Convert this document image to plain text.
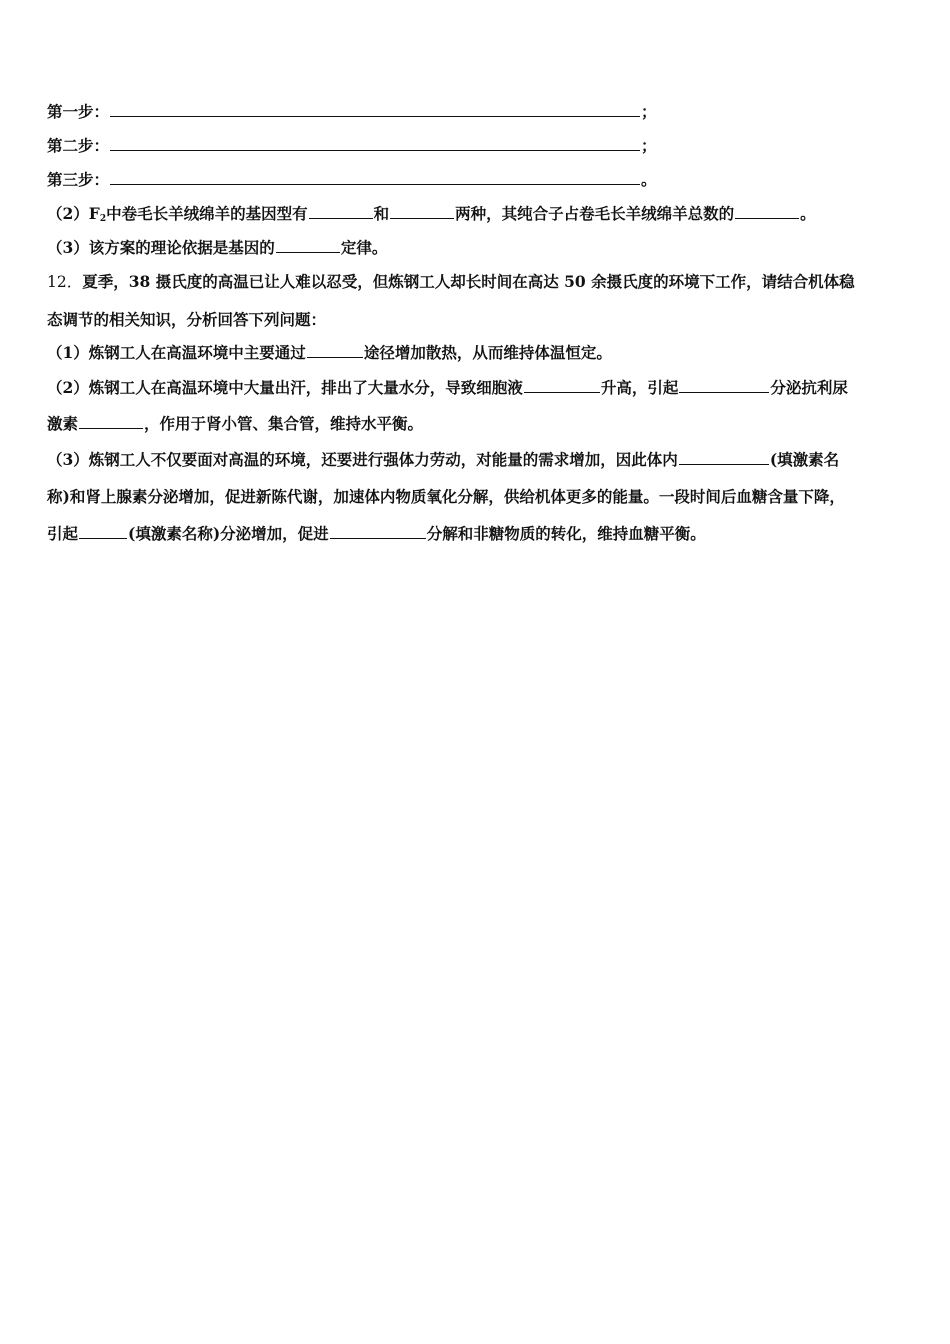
第一步：	；
第二步：	；
第三步：	。
$(2)F_2$中卷毛长羊绒绵羊的基因型有	和	两种，其纯合子占卷毛长羊绒绵羊总数的	。
（3）该方案的理论依据是基因的	定律。
12．夏季，38 摄氏度的高温已让人难以忍受，但炼钢工人却长时间在高达 50 余摄氏度的环境下工作，请结合机体稳
态调节的相关知识，分析回答下列问题：
（1）炼钢工人在高温环境中主要通过	途径增加散热，从而维持体温恒定。
（2）炼钢工人在高温环境中大量出汗，排出了大量水分，导致细胞液	升高，引起	分泌抗利尿
激素	，作用于肾小管、集合管，维持水平衡。
（3）炼钢工人不仅要面对高温的环境，还要进行强体力劳动，对能量的需求增加，因此体内	(填激素名
称)和肾上腺素分泌增加，促进新陈代谢，加速体内物质氧化分解，供给机体更多的能量。一段时间后血糖含量下降，
引起	(填激素名称)分泌增加，促进	分解和非糖物质的转化，维持血糖平衡。
